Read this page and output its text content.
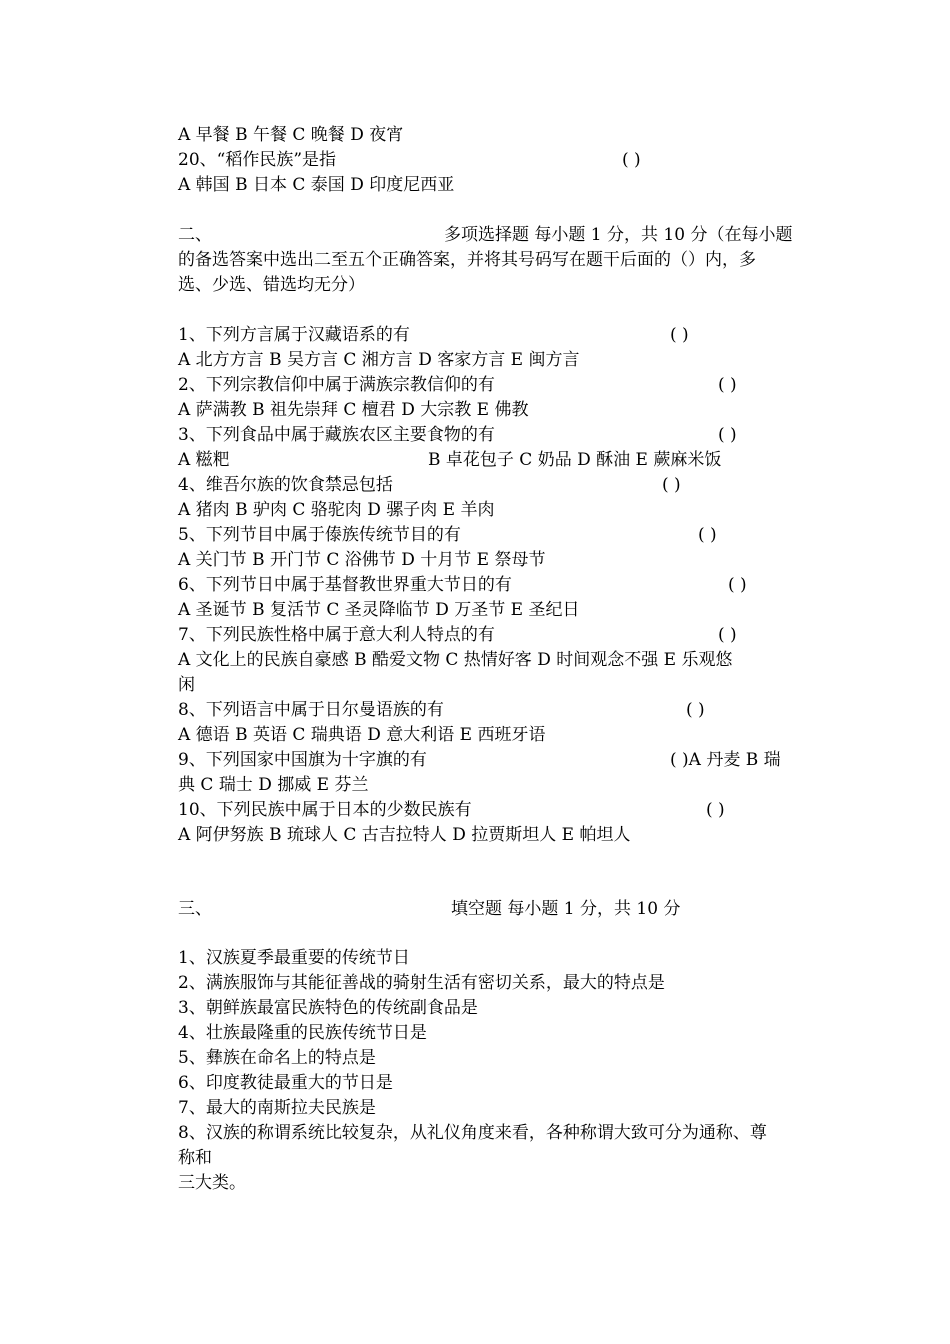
A 早餐 B 午餐 C 晚餐 D 夜宵
20、“稻作民族”是指	( )
A 韩国 B 日本 C 泰国 D 印度尼西亚
二、	多项选择题 每小题 1 分，共 10 分（在每小题
的备选答案中选出二至五个正确答案，并将其号码写在题干后面的（）内，多
选、少选、错选均无分）
1、下列方言属于汉藏语系的有	( )
A 北方方言 B 吴方言 C 湘方言 D 客家方言 E 闽方言
2、下列宗教信仰中属于满族宗教信仰的有	( )
A 萨满教 B 祖先崇拜 C 檀君 D 大宗教 E 佛教
3、下列食品中属于藏族农区主要食物的有	( )
A 糍粑	B 卓花包子 C 奶品 D 酥油 E 蕨麻米饭
4、维吾尔族的饮食禁忌包括	( )
A 猪肉 B 驴肉 C 骆驼肉 D 骡子肉 E 羊肉
5、下列节目中属于傣族传统节目的有	( )
A 关门节 B 开门节 C 浴佛节 D 十月节 E 祭母节
6、下列节日中属于基督教世界重大节日的有	( )
A 圣诞节 B 复活节 C 圣灵降临节 D 万圣节 E 圣纪日
7、下列民族性格中属于意大利人特点的有	( )
A 文化上的民族自豪感 B 酷爱文物 C 热情好客 D 时间观念不强 E 乐观悠
闲
8、下列语言中属于日尔曼语族的有	( )
A 德语 B 英语 C 瑞典语 D 意大利语 E 西班牙语
9、下列国家中国旗为十字旗的有	( )A 丹麦 B 瑞
典 C 瑞士 D 挪威 E 芬兰
10、下列民族中属于日本的少数民族有	( )
A 阿伊努族 B 琉球人 C 古吉拉特人 D 拉贾斯坦人 E 帕坦人
三、	填空题 每小题 1 分，共 10 分
1、汉族夏季最重要的传统节日
2、满族服饰与其能征善战的骑射生活有密切关系，最大的特点是
3、朝鲜族最富民族特色的传统副食品是
4、壮族最隆重的民族传统节日是
5、彝族在命名上的特点是
6、印度教徒最重大的节日是
7、最大的南斯拉夫民族是
8、汉族的称谓系统比较复杂，从礼仪角度来看，各种称谓大致可分为通称、尊
称和
三大类。
